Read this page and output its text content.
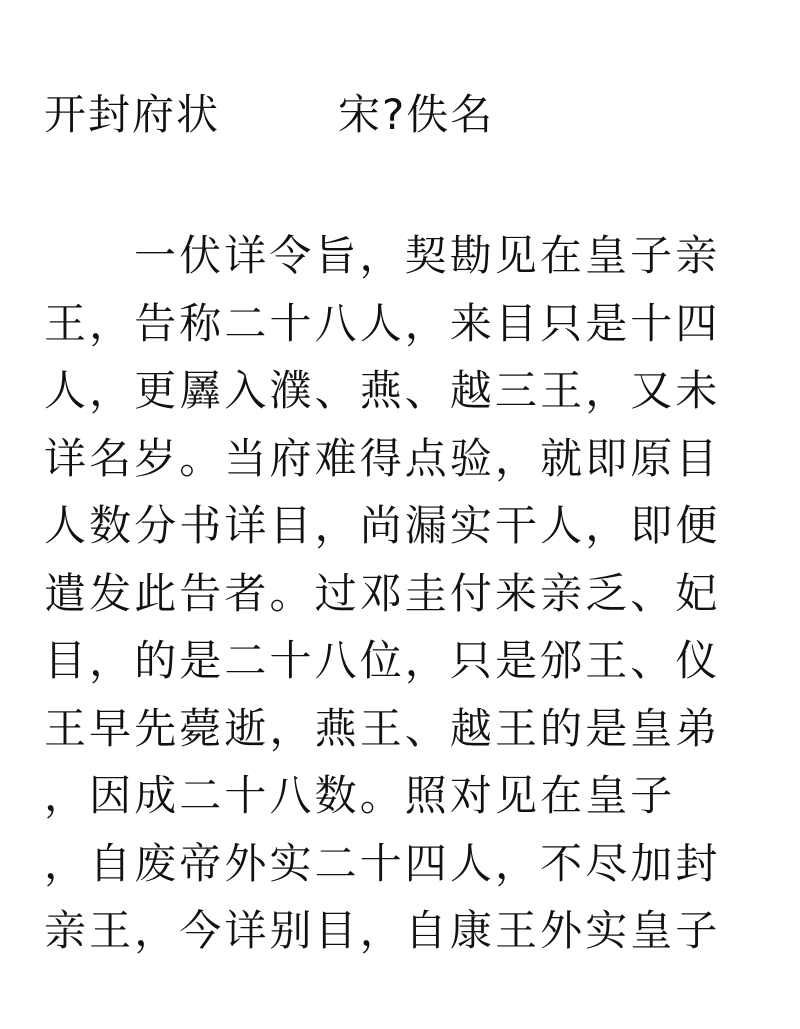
开封府状	宋?佚名
一伏详令旨，契勘见在皇子亲
王，告称二十八人，来目只是十四
人，更羼入濮、燕、越三王，又未
详名岁。当府难得点验，就即原目
人数分书详目，尚漏实干人，即便
遣发此告者。过邓圭付来亲乏、妃
目，的是二十八位，只是邠王、仪
王早先薨逝，燕王、越王的是皇弟
，因成二十八数。照对见在皇子
，自废帝外实二十四人，不尽加封
亲王，今详别目，自康王外实皇子
